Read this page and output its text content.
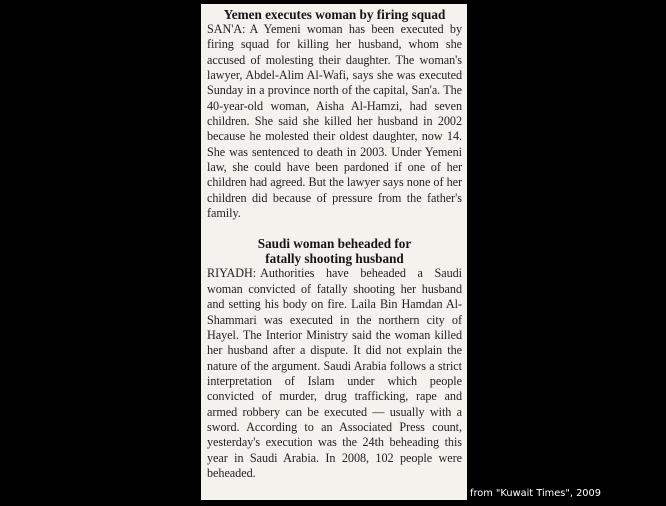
Yemen executes woman by firing squad

SAN'A: A Yemeni woman has been executed by firing squad for killing her husband, whom she accused of molesting their daughter. The woman's lawyer, Abdel-Alim Al-Wafi, says she was executed Sunday in a province north of the capital, San'a. The 40-year-old woman, Aisha Al-Hamzi, had seven children. She said she killed her husband in 2002 because he molested their oldest daughter, now 14. She was sentenced to death in 2003. Under Yemeni law, she could have been pardoned if one of her children had agreed. But the lawyer says none of her children did because of pressure from the father's family.

Saudi woman beheaded for

fatally shooting husband

RIYADH: Authorities have beheaded a Saudi woman convicted of fatally shooting her husband and setting his body on fire. Laila Bin Hamdan Al-Shammari was executed in the northern city of Hayel. The Interior Ministry said the woman killed her husband after a dispute. It did not explain the nature of the argument. Saudi Arabia follows a strict interpretation of Islam under which people convicted of murder, drug trafficking, rape and armed robbery can be executed — usually with a sword. According to an Associated Press count, yesterday's execution was the 24th beheading this year in Saudi Arabia. In 2008, 102 people were beheaded.

from "Kuwait Times", 2009
